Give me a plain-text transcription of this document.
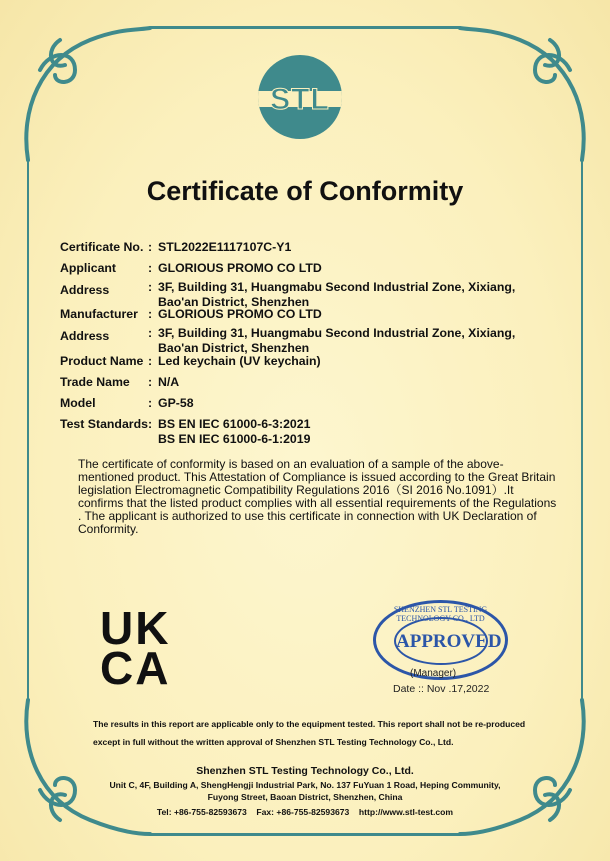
STL
Certificate of Conformity
Certificate No. : STL2022E1117107C-Y1
Applicant	: GLORIOUS PROMO CO LTD
Address	: 3F, Building 31, Huangmabu Second Industrial Zone, Xixiang, Bao'an District, Shenzhen
Manufacturer : GLORIOUS PROMO CO LTD
Address	: 3F, Building 31, Huangmabu Second Industrial Zone, Xixiang, Bao'an District, Shenzhen
Product Name : Led keychain (UV keychain)
Trade Name	: N/A
Model	: GP-58
Test Standards : BS EN IEC 61000-6-3:2021
BS EN IEC 61000-6-1:2019
The certificate of conformity is based on an evaluation of a sample of the above-mentioned product. This Attestation of Compliance is issued according to the Great Britain legislation Electromagnetic Compatibility Regulations 2016（SI 2016 No.1091）.It confirms that the listed product complies with all essential requirements of the Regulations . The applicant is authorized to use this certificate in connection with UK Declaration of Conformity.
UK
CA
SHENZHEN STL TESTING TECHNOLOGY CO., LTD
APPROVED
(Manager)
Date :: Nov .17,2022
The results in this report are applicable only to the equipment tested. This report shall not be re-produced
except in full without the written approval of Shenzhen STL Testing Technology Co., Ltd.
Shenzhen STL Testing Technology Co., Ltd.
Unit C, 4F, Building A, ShengHengji Industrial Park, No. 137 FuYuan 1 Road, Heping Community,
Fuyong Street, Baoan District, Shenzhen, China
Tel: +86-755-82593673    Fax: +86-755-82593673    http://www.stl-test.com
